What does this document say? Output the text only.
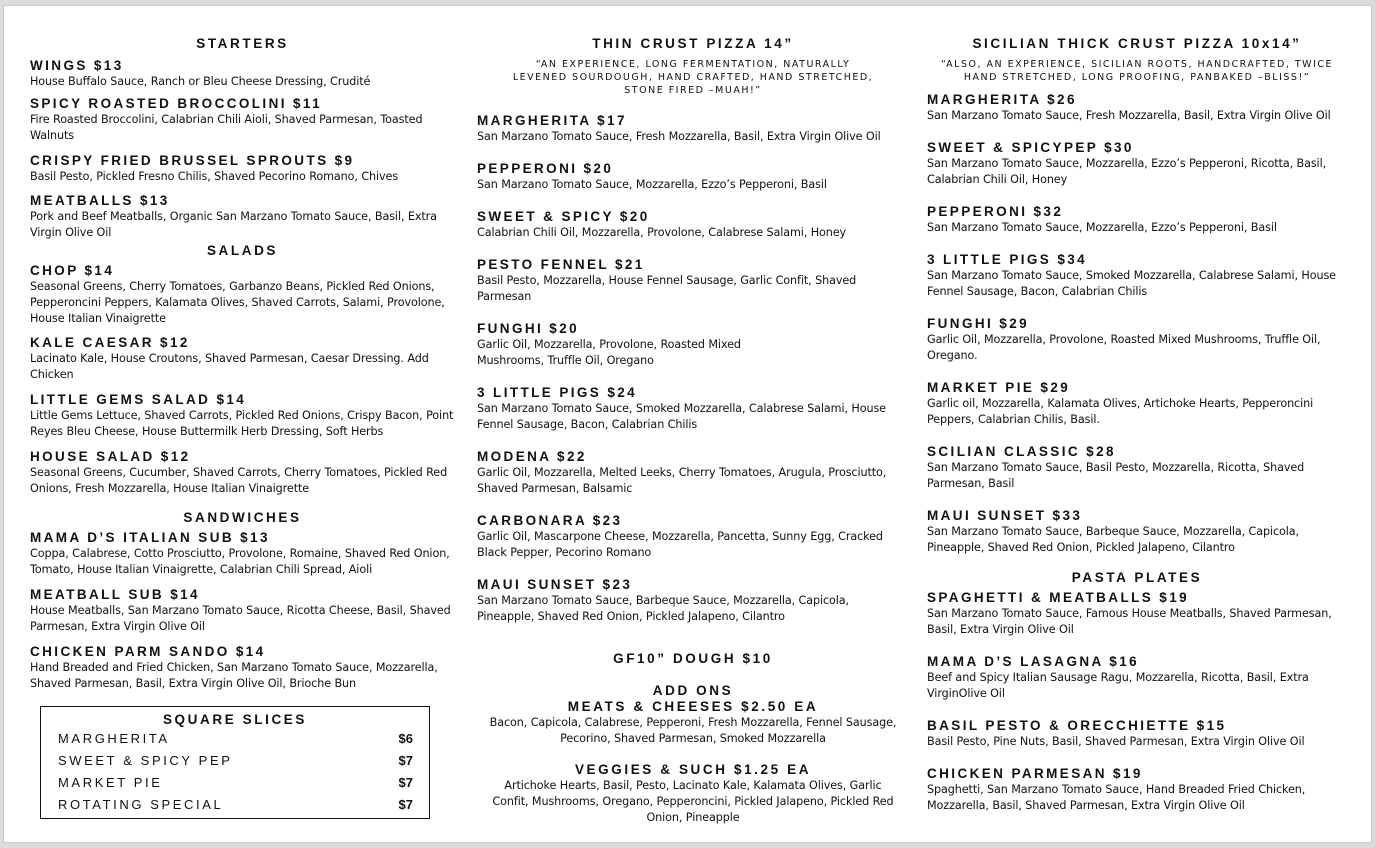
STARTERS
WINGS $13
House Buffalo Sauce, Ranch or Bleu Cheese Dressing, Crudité
SPICY ROASTED BROCCOLINI $11
Fire Roasted Broccolini, Calabrian Chili Aioli, Shaved Parmesan, Toasted Walnuts
CRISPY FRIED BRUSSEL SPROUTS $9
Basil Pesto, Pickled Fresno Chilis, Shaved Pecorino Romano, Chives
MEATBALLS $13
Pork and Beef Meatballs, Organic San Marzano Tomato Sauce, Basil, Extra Virgin Olive Oil
SALADS
CHOP $14
Seasonal Greens, Cherry Tomatoes, Garbanzo Beans, Pickled Red Onions, Pepperoncini Peppers, Kalamata Olives, Shaved Carrots, Salami, Provolone, House Italian Vinaigrette
KALE CAESAR $12
Lacinato Kale, House Croutons, Shaved Parmesan, Caesar Dressing. Add Chicken
LITTLE GEMS SALAD $14
Little Gems Lettuce, Shaved Carrots, Pickled Red Onions, Crispy Bacon, Point Reyes Bleu Cheese, House Buttermilk Herb Dressing, Soft Herbs
HOUSE SALAD $12
Seasonal Greens, Cucumber, Shaved Carrots, Cherry Tomatoes, Pickled Red Onions, Fresh Mozzarella, House Italian Vinaigrette
SANDWICHES
MAMA D’S ITALIAN SUB $13
Coppa, Calabrese, Cotto Prosciutto, Provolone, Romaine, Shaved Red Onion, Tomato, House Italian Vinaigrette, Calabrian Chili Spread, Aioli
MEATBALL SUB $14
House Meatballs, San Marzano Tomato Sauce, Ricotta Cheese, Basil, Shaved Parmesan, Extra Virgin Olive Oil
CHICKEN PARM SANDO $14
Hand Breaded and Fried Chicken, San Marzano Tomato Sauce, Mozzarella, Shaved Parmesan, Basil, Extra Virgin Olive Oil, Brioche Bun
SQUARE SLICES
MARGHERITA	$6
SWEET & SPICY PEP	$7
MARKET PIE	$7
ROTATING SPECIAL	$7
THIN CRUST PIZZA 14”
“AN EXPERIENCE, LONG FERMENTATION, NATURALLY LEVENED SOURDOUGH, HAND CRAFTED, HAND STRETCHED, STONE FIRED –MUAH!”
MARGHERITA $17
San Marzano Tomato Sauce, Fresh Mozzarella, Basil, Extra Virgin Olive Oil
PEPPERONI $20
San Marzano Tomato Sauce, Mozzarella, Ezzo’s Pepperoni, Basil
SWEET & SPICY $20
Calabrian Chili Oil, Mozzarella, Provolone, Calabrese Salami, Honey
PESTO FENNEL $21
Basil Pesto, Mozzarella, House Fennel Sausage, Garlic Confit, Shaved Parmesan
FUNGHI $20
Garlic Oil, Mozzarella, Provolone, Roasted Mixed Mushrooms, Truffle Oil, Oregano
3 LITTLE PIGS $24
San Marzano Tomato Sauce, Smoked Mozzarella, Calabrese Salami, House Fennel Sausage, Bacon, Calabrian Chilis
MODENA $22
Garlic Oil, Mozzarella, Melted Leeks, Cherry Tomatoes, Arugula, Prosciutto, Shaved Parmesan, Balsamic
CARBONARA $23
Garlic Oil, Mascarpone Cheese, Mozzarella, Pancetta, Sunny Egg, Cracked Black Pepper, Pecorino Romano
MAUI SUNSET $23
San Marzano Tomato Sauce, Barbeque Sauce, Mozzarella, Capicola, Pineapple, Shaved Red Onion, Pickled Jalapeno, Cilantro
GF10” DOUGH $10
ADD ONS
MEATS & CHEESES $2.50 EA
Bacon, Capicola, Calabrese, Pepperoni, Fresh Mozzarella, Fennel Sausage, Pecorino, Shaved Parmesan, Smoked Mozzarella
VEGGIES & SUCH $1.25 EA
Artichoke Hearts, Basil, Pesto, Lacinato Kale, Kalamata Olives, Garlic Confit, Mushrooms, Oregano, Pepperoncini, Pickled Jalapeno, Pickled Red Onion, Pineapple
SICILIAN THICK CRUST PIZZA 10x14”
“ALSO, AN EXPERIENCE, SICILIAN ROOTS, HANDCRAFTED, TWICE HAND STRETCHED, LONG PROOFING, PANBAKED –BLISS!”
MARGHERITA $26
San Marzano Tomato Sauce, Fresh Mozzarella, Basil, Extra Virgin Olive Oil
SWEET & SPICYPEP $30
San Marzano Tomato Sauce, Mozzarella, Ezzo’s Pepperoni, Ricotta, Basil, Calabrian Chili Oil, Honey
PEPPERONI $32
San Marzano Tomato Sauce, Mozzarella, Ezzo’s Pepperoni, Basil
3 LITTLE PIGS $34
San Marzano Tomato Sauce, Smoked Mozzarella, Calabrese Salami, House Fennel Sausage, Bacon, Calabrian Chilis
FUNGHI $29
Garlic Oil, Mozzarella, Provolone, Roasted Mixed Mushrooms, Truffle Oil, Oregano.
MARKET PIE $29
Garlic oil, Mozzarella, Kalamata Olives, Artichoke Hearts, Pepperoncini Peppers, Calabrian Chilis, Basil.
SCILIAN CLASSIC $28
San Marzano Tomato Sauce, Basil Pesto, Mozzarella, Ricotta, Shaved Parmesan, Basil
MAUI SUNSET $33
San Marzano Tomato Sauce, Barbeque Sauce, Mozzarella, Capicola, Pineapple, Shaved Red Onion, Pickled Jalapeno, Cilantro
PASTA PLATES
SPAGHETTI & MEATBALLS $19
San Marzano Tomato Sauce, Famous House Meatballs, Shaved Parmesan, Basil, Extra Virgin Olive Oil
MAMA D’S LASAGNA $16
Beef and Spicy Italian Sausage Ragu, Mozzarella, Ricotta, Basil, Extra VirginOlive Oil
BASIL PESTO & ORECCHIETTE $15
Basil Pesto, Pine Nuts, Basil, Shaved Parmesan, Extra Virgin Olive Oil
CHICKEN PARMESAN $19
Spaghetti, San Marzano Tomato Sauce, Hand Breaded Fried Chicken, Mozzarella, Basil, Shaved Parmesan, Extra Virgin Olive Oil
